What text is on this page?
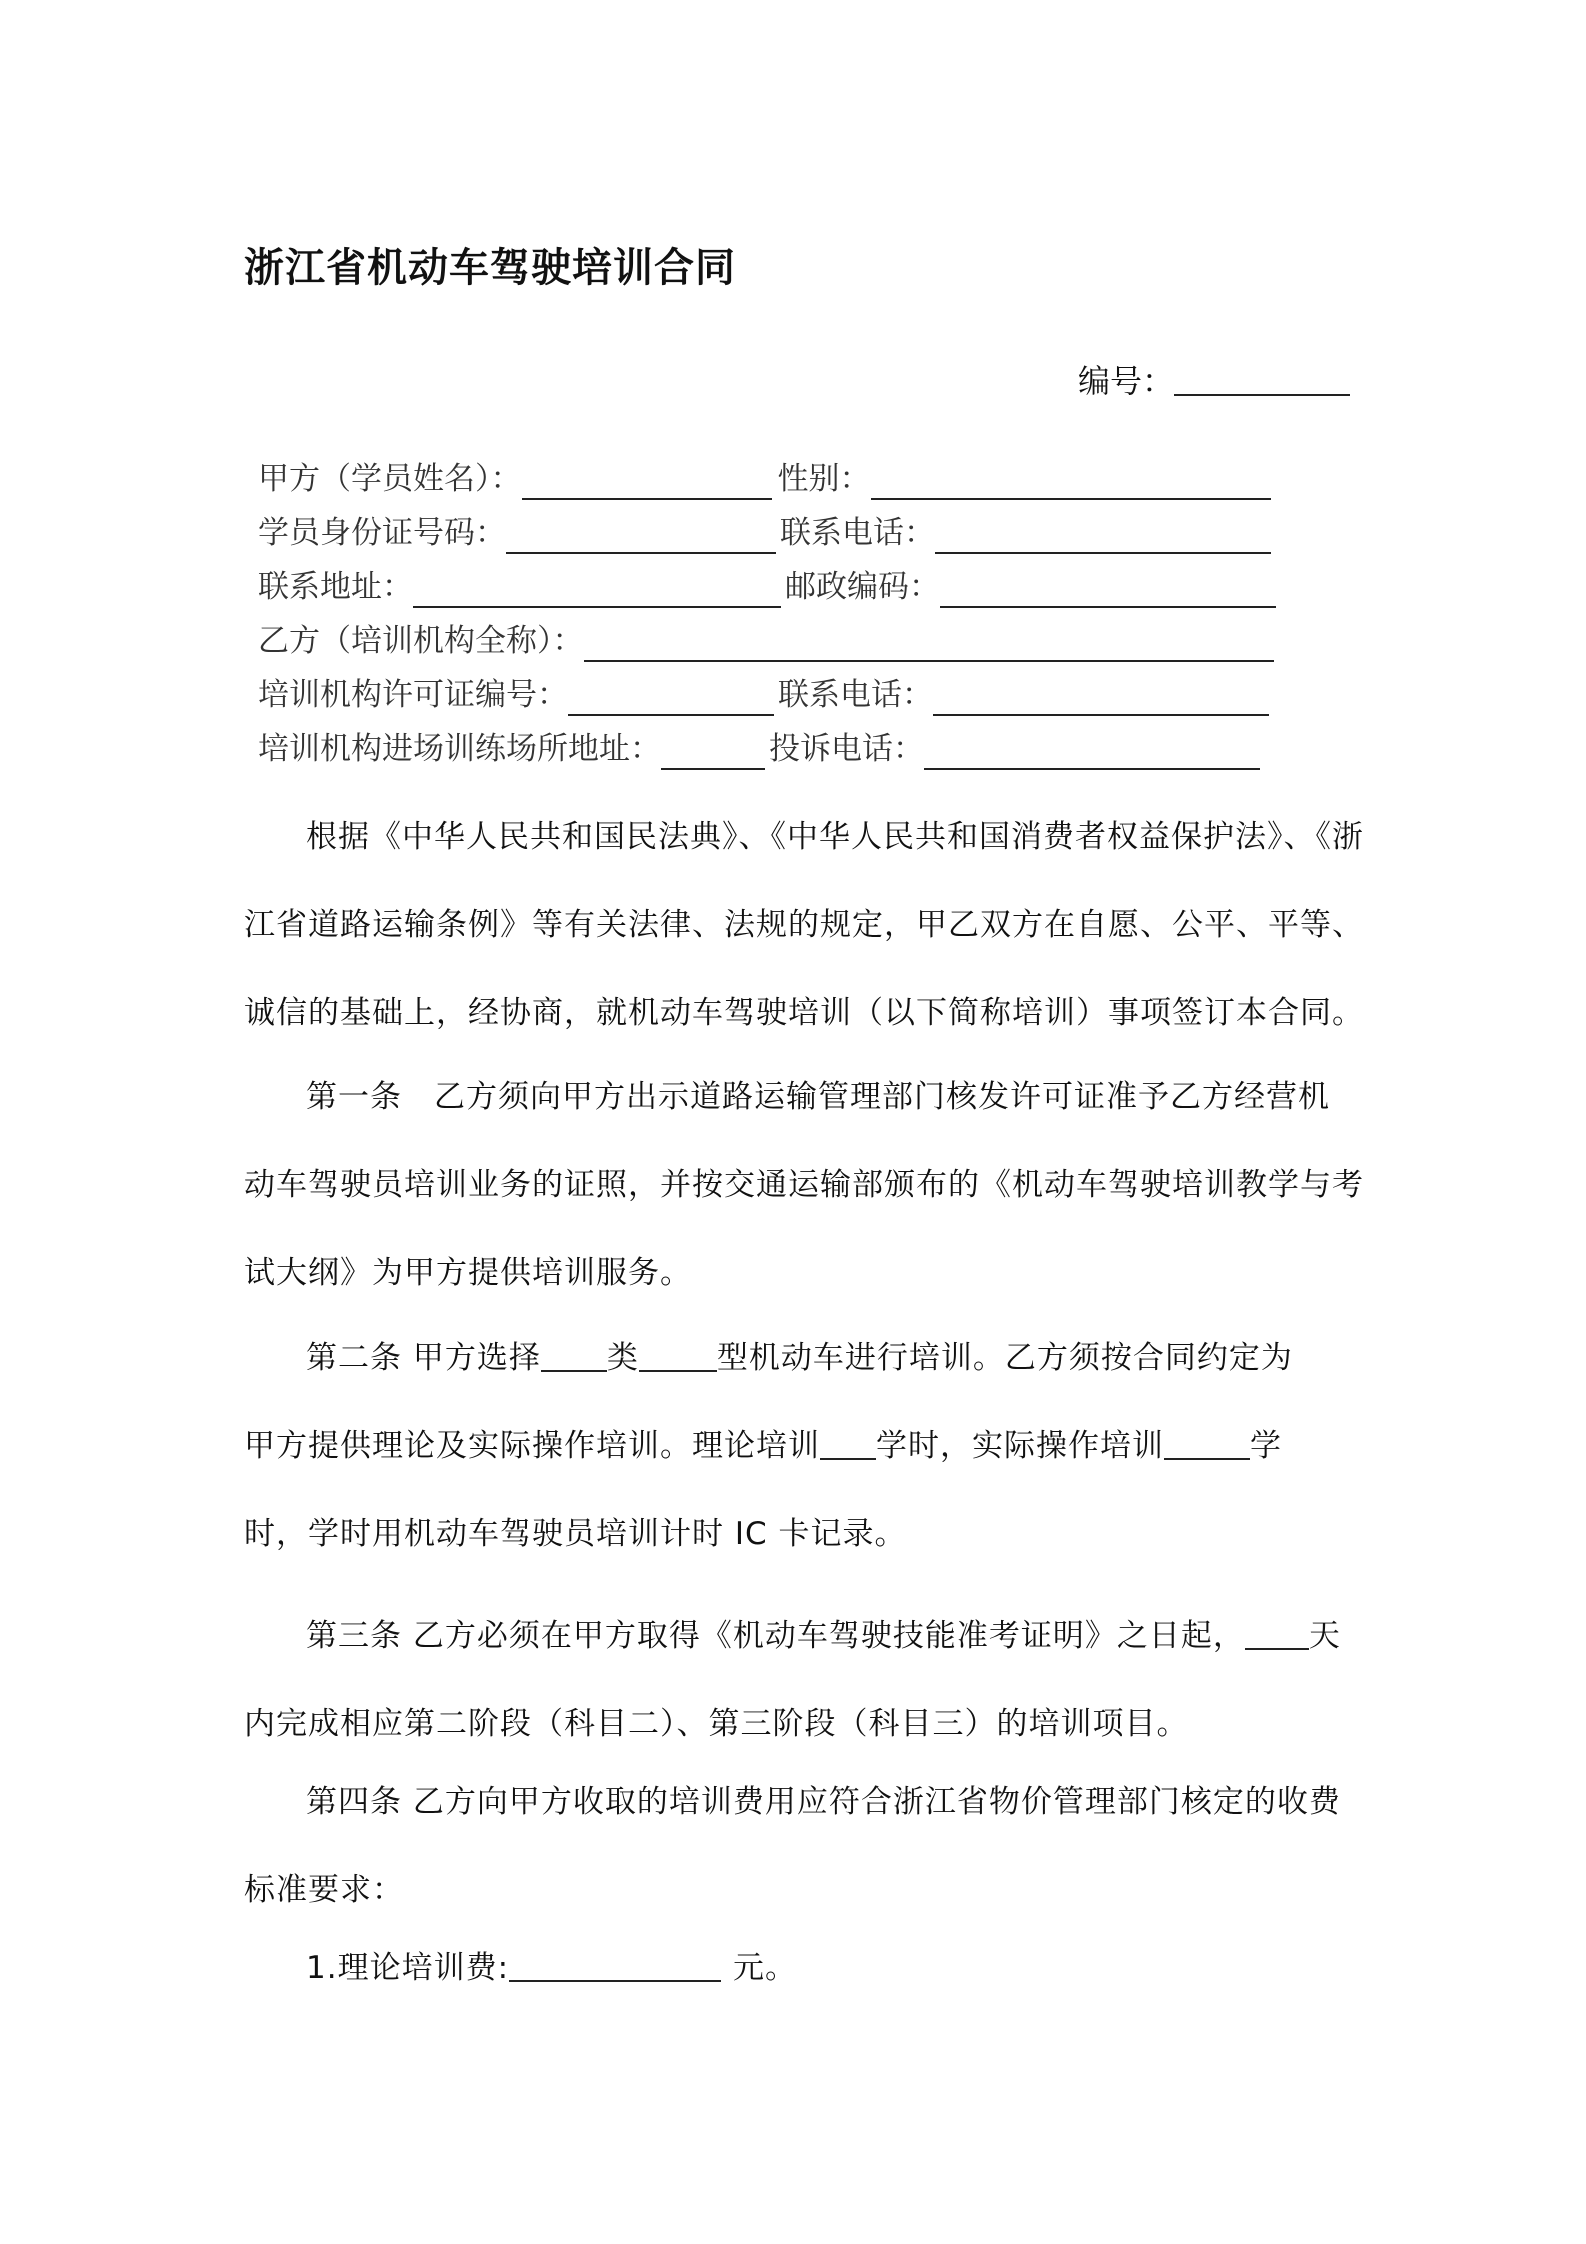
浙江省机动车驾驶培训合同
编号：
甲方（学员姓名）：	性别：
学员身份证号码：	联系电话：
联系地址：	邮政编码：
乙方（培训机构全称）：
培训机构许可证编号：	联系电话：
培训机构进场训练场所地址：	投诉电话：
根据《中华人民共和国民法典》、《中华人民共和国消费者权益保护法》、《浙
江省道路运输条例》等有关法律、法规的规定，甲乙双方在自愿、公平、平等、
诚信的基础上，经协商，就机动车驾驶培训（以下简称培训）事项签订本合同。
第一条　乙方须向甲方出示道路运输管理部门核发许可证准予乙方经营机
动车驾驶员培训业务的证照，并按交通运输部颁布的《机动车驾驶培训教学与考
试大纲》为甲方提供培训服务。
第二条 甲方选择 类	型机动车进行培训。乙方须按合同约定为
甲方提供理论及实际操作培训。理论培训 学时，实际操作培训	学
时，学时用机动车驾驶员培训计时 IC 卡记录。
第三条 乙方必须在甲方取得《机动车驾驶技能准考证明》之日起， 天
内完成相应第二阶段（科目二）、第三阶段（科目三）的培训项目。
第四条 乙方向甲方收取的培训费用应符合浙江省物价管理部门核定的收费
标准要求：
1.理论培训费:	元。
